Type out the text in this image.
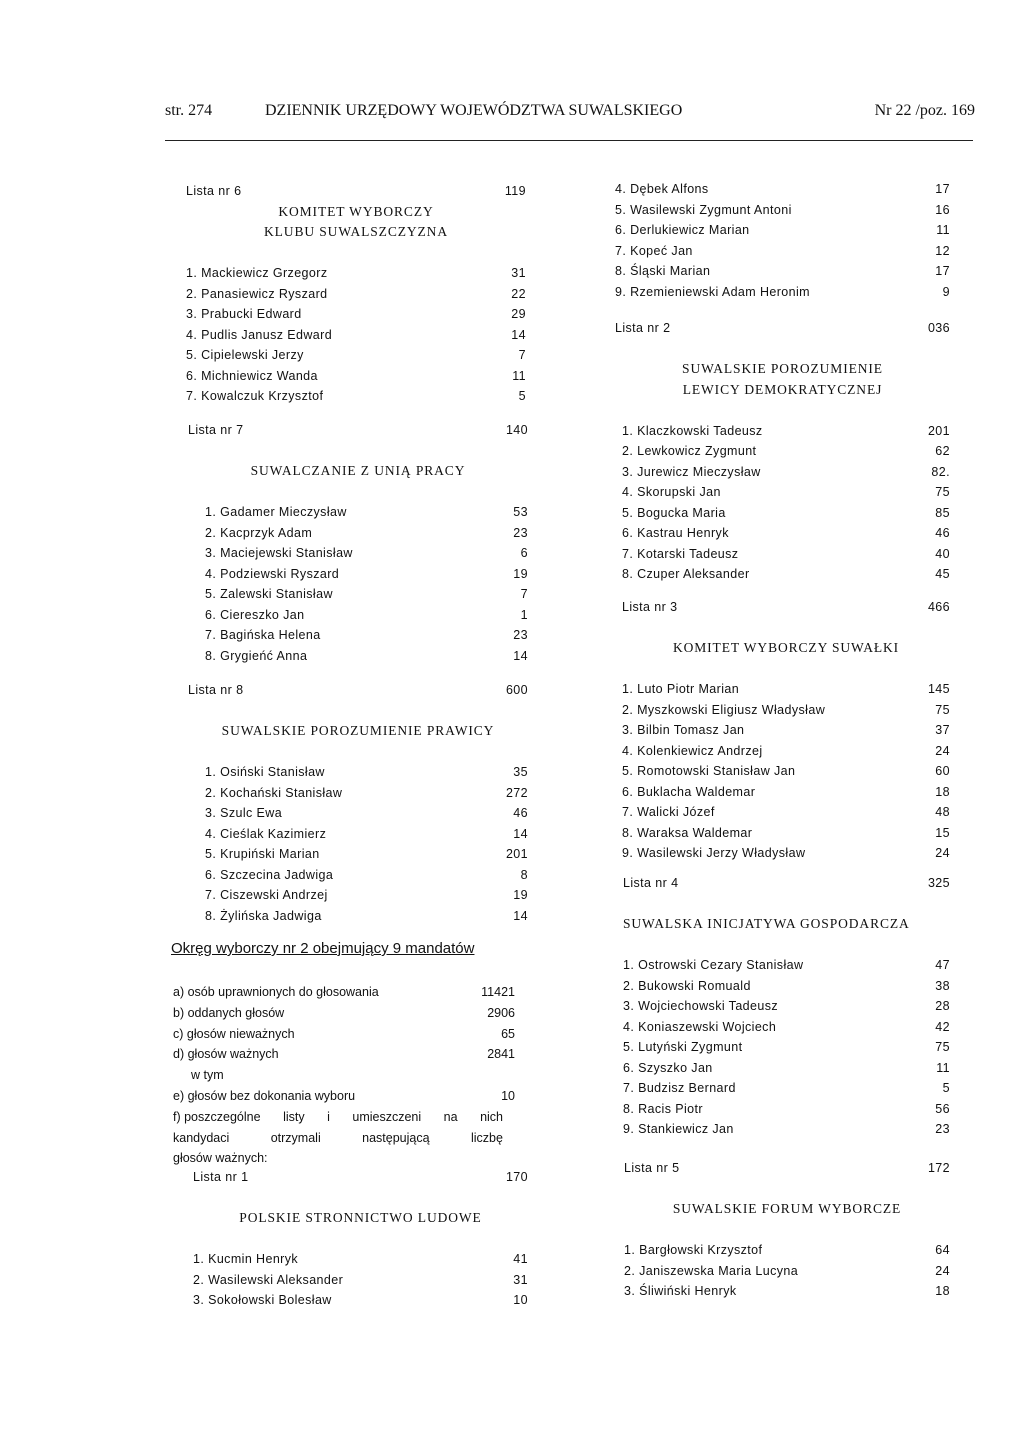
str. 274	DZIENNIK URZĘDOWY WOJEWÓDZTWA SUWALSKIEGO	Nr 22 /poz. 169
Lista nr 6	119
KOMITET WYBORCZY
KLUBU SUWALSZCZYZNA
1. Mackiewicz Grzegorz	31
2. Panasiewicz Ryszard	22
3. Prabucki Edward	29
4. Pudlis Janusz Edward	14
5. Cipielewski Jerzy	7
6. Michniewicz Wanda	11
7. Kowalczuk Krzysztof	5
Lista nr 7	140
SUWALCZANIE Z UNIĄ PRACY
1. Gadamer Mieczysław	53
2. Kacprzyk Adam	23
3. Maciejewski Stanisław	6
4. Podziewski Ryszard	19
5. Zalewski Stanisław	7
6. Ciereszko Jan	1
7. Bagińska Helena	23
8. Grygieńć Anna	14
Lista nr 8	600
SUWALSKIE POROZUMIENIE PRAWICY
1. Osiński Stanisław	35
2. Kochański Stanisław	272
3. Szulc Ewa	46
4. Cieślak Kazimierz	14
5. Krupiński Marian	201
6. Szczecina Jadwiga	8
7. Ciszewski Andrzej	19
8. Żylińska Jadwiga	14
Okręg wyborczy nr 2 obejmujący 9 mandatów
a) osób uprawnionych do głosowania	11421
b) oddanych głosów	2906
c) głosów nieważnych	65
d) głosów ważnych	2841
w tym
e) głosów bez dokonania wyboru	10
f) poszczególne listy i umieszczeni na nich
kandydaci	otrzymali	następującą	liczbę
głosów ważnych:
Lista nr 1	170
POLSKIE STRONNICTWO LUDOWE
1. Kucmin Henryk	41
2. Wasilewski Aleksander	31
3. Sokołowski Bolesław	10
4. Dębek Alfons	17
5. Wasilewski Zygmunt Antoni	16
6. Derlukiewicz Marian	11
7. Kopeć Jan	12
8. Śląski Marian	17
9. Rzemieniewski Adam Heronim	9
Lista nr 2	036
SUWALSKIE POROZUMIENIE
LEWICY DEMOKRATYCZNEJ
1. Klaczkowski Tadeusz	201
2. Lewkowicz Zygmunt	62
3. Jurewicz Mieczysław	82.
4. Skorupski Jan	75
5. Bogucka Maria	85
6. Kastrau Henryk	46
7. Kotarski Tadeusz	40
8. Czuper Aleksander	45
Lista nr 3	466
KOMITET WYBORCZY SUWAŁKI
1. Luto Piotr Marian	145
2. Myszkowski Eligiusz Władysław	75
3. Bilbin Tomasz Jan	37
4. Kolenkiewicz Andrzej	24
5. Romotowski Stanisław Jan	60
6. Buklacha Waldemar	18
7. Walicki Józef	48
8. Waraksa Waldemar	15
9. Wasilewski Jerzy Władysław	24
Lista nr 4	325
SUWALSKA INICJATYWA GOSPODARCZA
1. Ostrowski Cezary Stanisław	47
2. Bukowski Romuald	38
3. Wojciechowski Tadeusz	28
4. Koniaszewski Wojciech	42
5. Lutyński Zygmunt	75
6. Szyszko Jan	11
7. Budzisz Bernard	5
8. Racis Piotr	56
9. Stankiewicz Jan	23
Lista nr 5	172
SUWALSKIE FORUM WYBORCZE
1. Bargłowski Krzysztof	64
2. Janiszewska Maria Lucyna	24
3. Śliwiński Henryk	18
